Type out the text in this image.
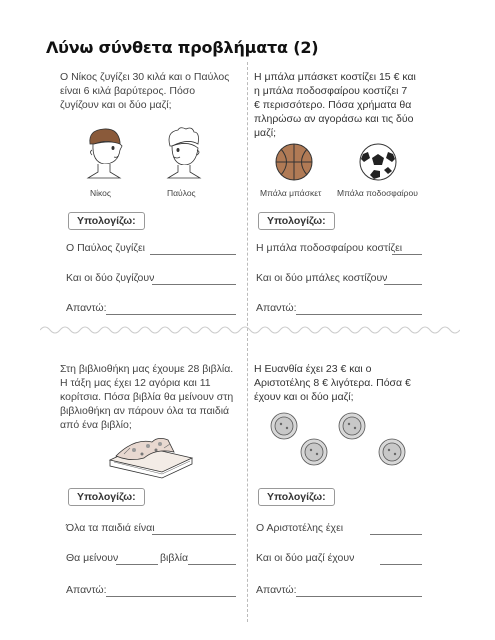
Λύνω σύνθετα προβλήματα (2)
Ο Νίκος ζυγίζει 30 κιλά και ο Παύλος
είναι 6 κιλά βαρύτερος. Πόσο
ζυγίζουν και οι δύο μαζί;
Νίκος	Παύλος
Υπολογίζω:
Ο Παύλος ζυγίζει
Και οι δύο ζυγίζουν
Απαντώ:
Η μπάλα μπάσκετ κοστίζει 15 € και
η μπάλα ποδοσφαίρου κοστίζει 7
€ περισσότερο. Πόσα χρήματα θα
πληρώσω αν αγοράσω και τις δύο
μαζί;
Μπάλα μπάσκετ Μπάλα ποδοσφαίρου
Υπολογίζω:
Η μπάλα ποδοσφαίρου κοστίζει
Και οι δύο μπάλες κοστίζουν
Απαντώ:
Στη βιβλιοθήκη μας έχουμε 28 βιβλία.
Η τάξη μας έχει 12 αγόρια και 11
κορίτσια. Πόσα βιβλία θα μείνουν στη
βιβλιοθήκη αν πάρουν όλα τα παιδιά
από ένα βιβλίο;
Υπολογίζω:
Όλα τα παιδιά είναι
Θα μείνουν	βιβλία
Απαντώ:
Η Ευανθία έχει 23 € και ο
Αριστοτέλης 8 € λιγότερα. Πόσα €
έχουν και οι δύο μαζί;
Υπολογίζω:
Ο Αριστοτέλης έχει
Και οι δύο μαζί έχουν
Απαντώ:
